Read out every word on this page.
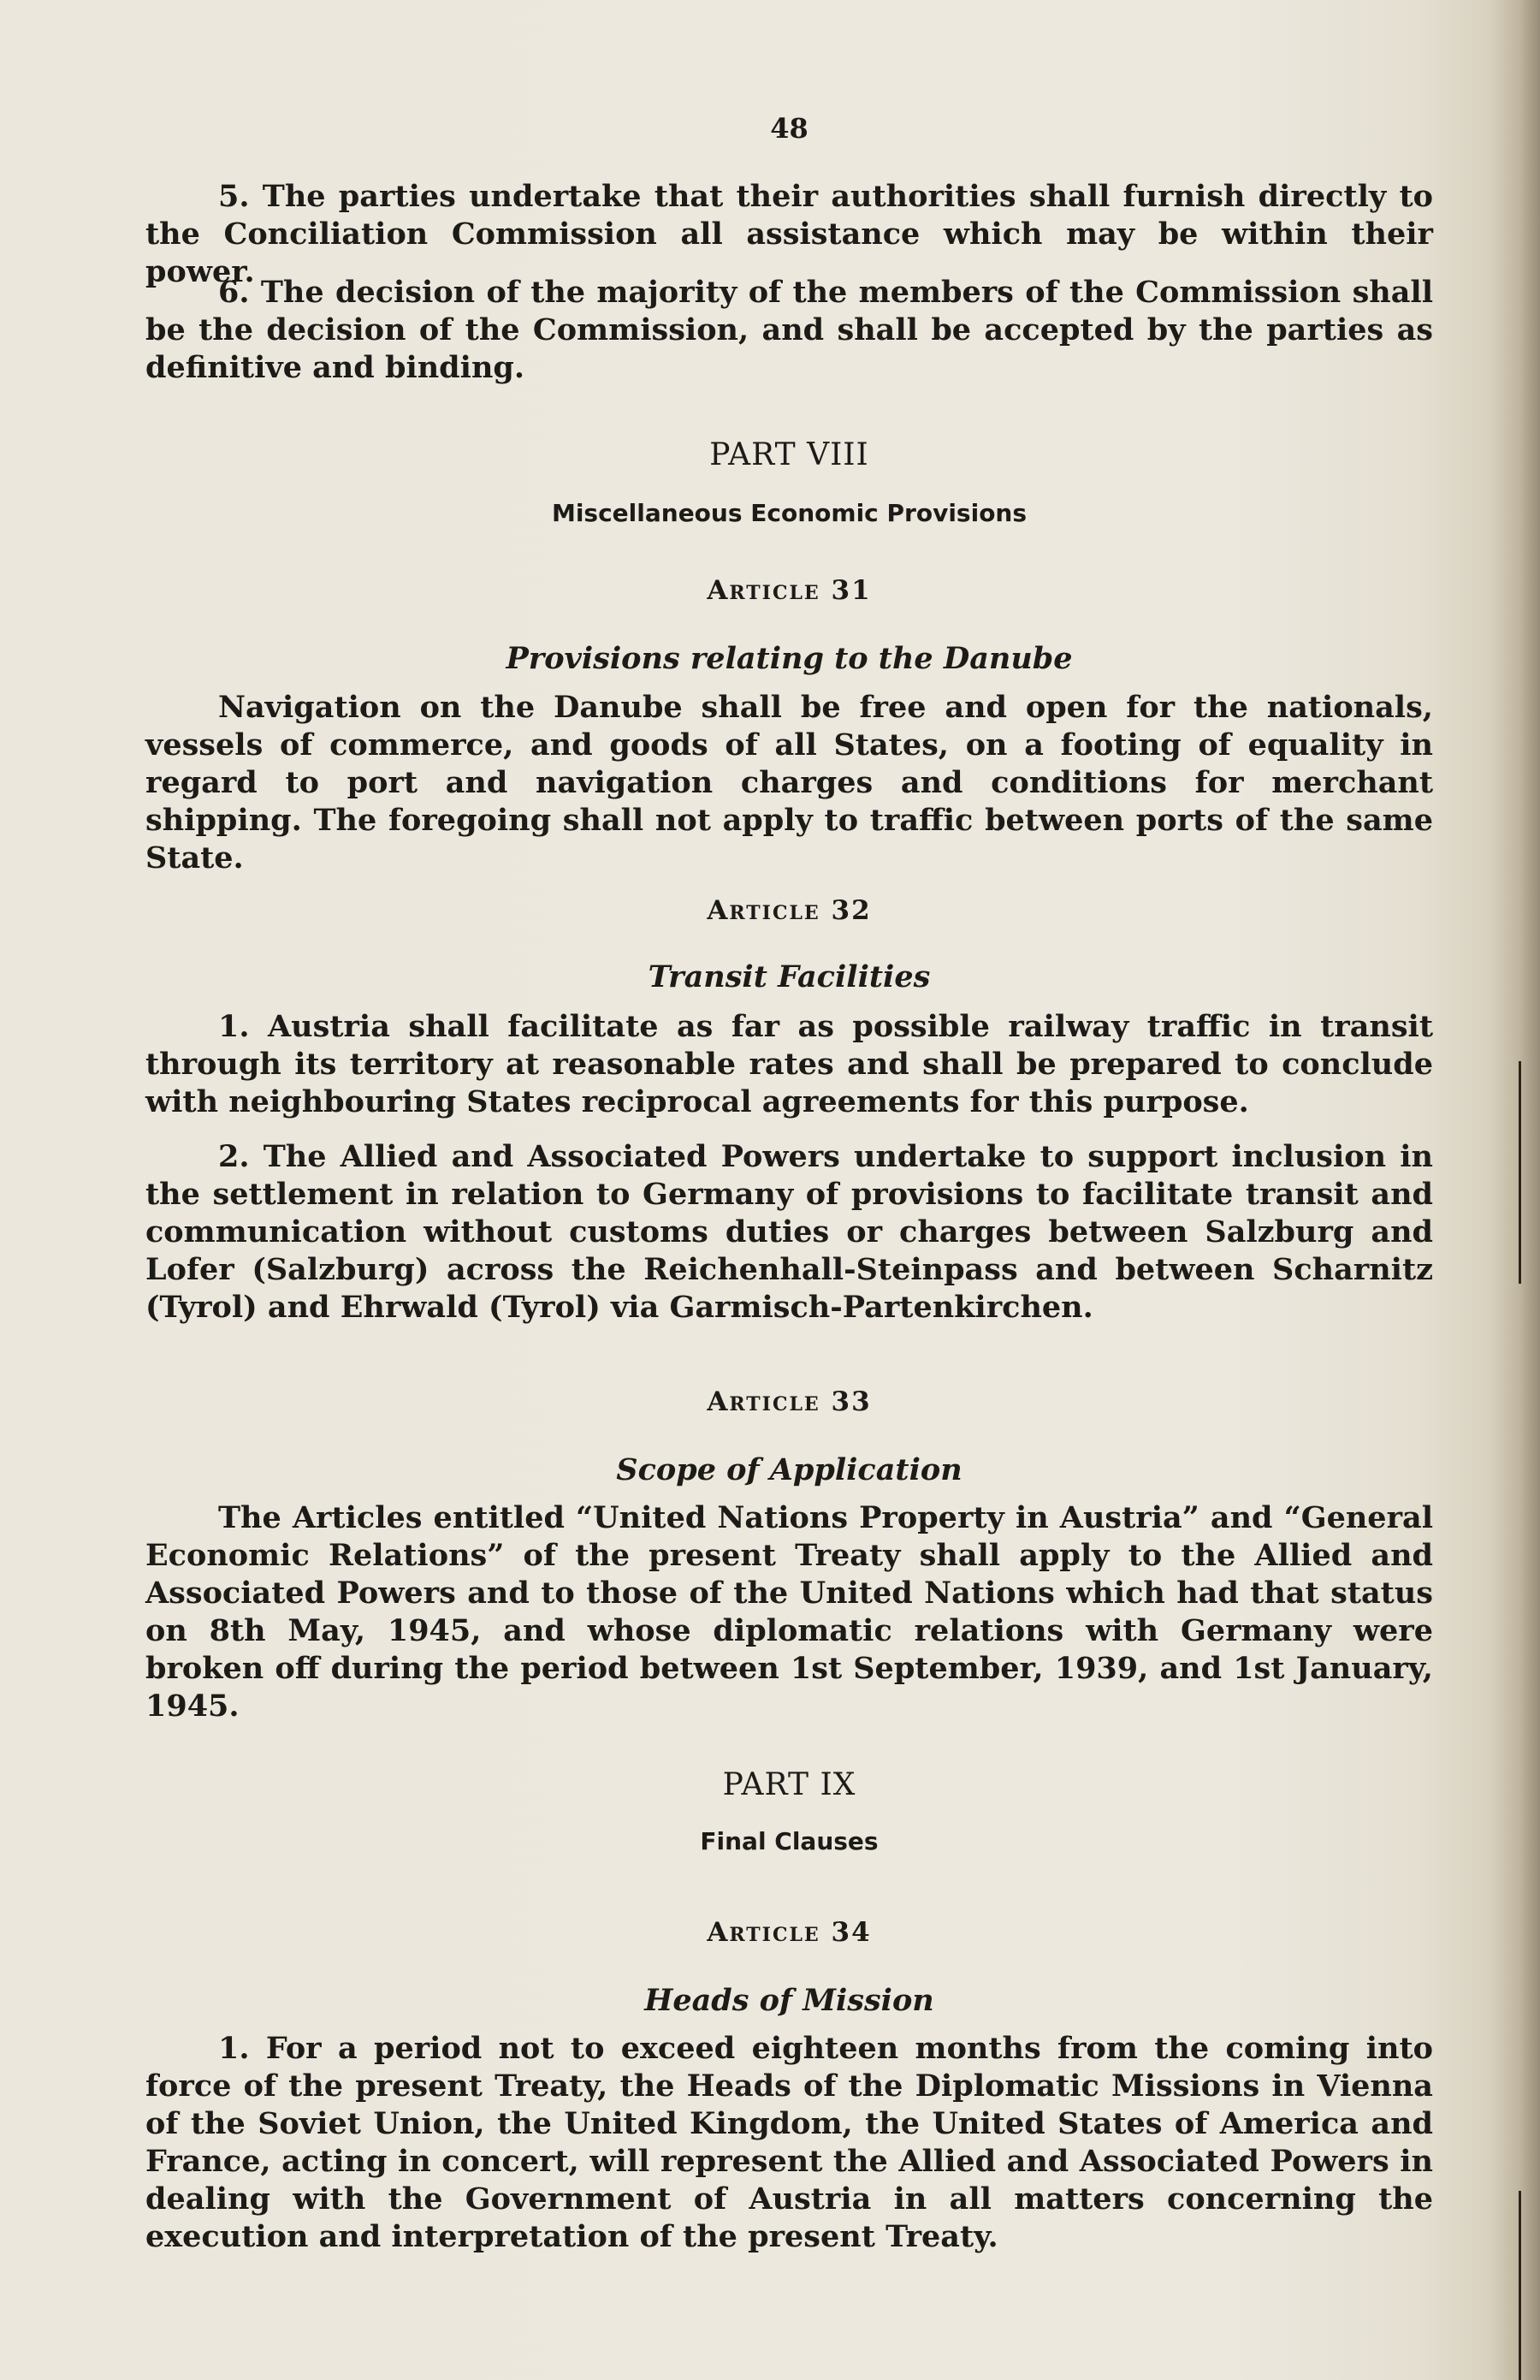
48

5. The parties undertake that their authorities shall furnish directly to the Conciliation Commission all assistance which may be within their power.

6. The decision of the majority of the members of the Commission shall be the decision of the Commission, and shall be accepted by the parties as definitive and binding.

PART VIII
Miscellaneous Economic Provisions
Article 31
Provisions relating to the Danube

Navigation on the Danube shall be free and open for the nationals, vessels of commerce, and goods of all States, on a footing of equality in regard to port and navigation charges and conditions for merchant shipping. The foregoing shall not apply to traffic between ports of the same State.

Article 32
Transit Facilities

1. Austria shall facilitate as far as possible railway traffic in transit through its territory at reasonable rates and shall be prepared to conclude with neighbouring States reciprocal agreements for this purpose.

2. The Allied and Associated Powers undertake to support inclusion in the settlement in relation to Germany of provisions to facilitate transit and communication without customs duties or charges between Salzburg and Lofer (Salzburg) across the Reichenhall-Steinpass and between Scharnitz (Tyrol) and Ehrwald (Tyrol) via Garmisch-Partenkirchen.

Article 33
Scope of Application

The Articles entitled “United Nations Property in Austria” and “General Economic Relations” of the present Treaty shall apply to the Allied and Associated Powers and to those of the United Nations which had that status on 8th May, 1945, and whose diplomatic relations with Germany were broken off during the period between 1st September, 1939, and 1st January, 1945.

PART IX
Final Clauses
Article 34
Heads of Mission

1. For a period not to exceed eighteen months from the coming into force of the present Treaty, the Heads of the Diplomatic Missions in Vienna of the Soviet Union, the United Kingdom, the United States of America and France, acting in concert, will represent the Allied and Associated Powers in dealing with the Government of Austria in all matters concerning the execution and interpretation of the present Treaty.
